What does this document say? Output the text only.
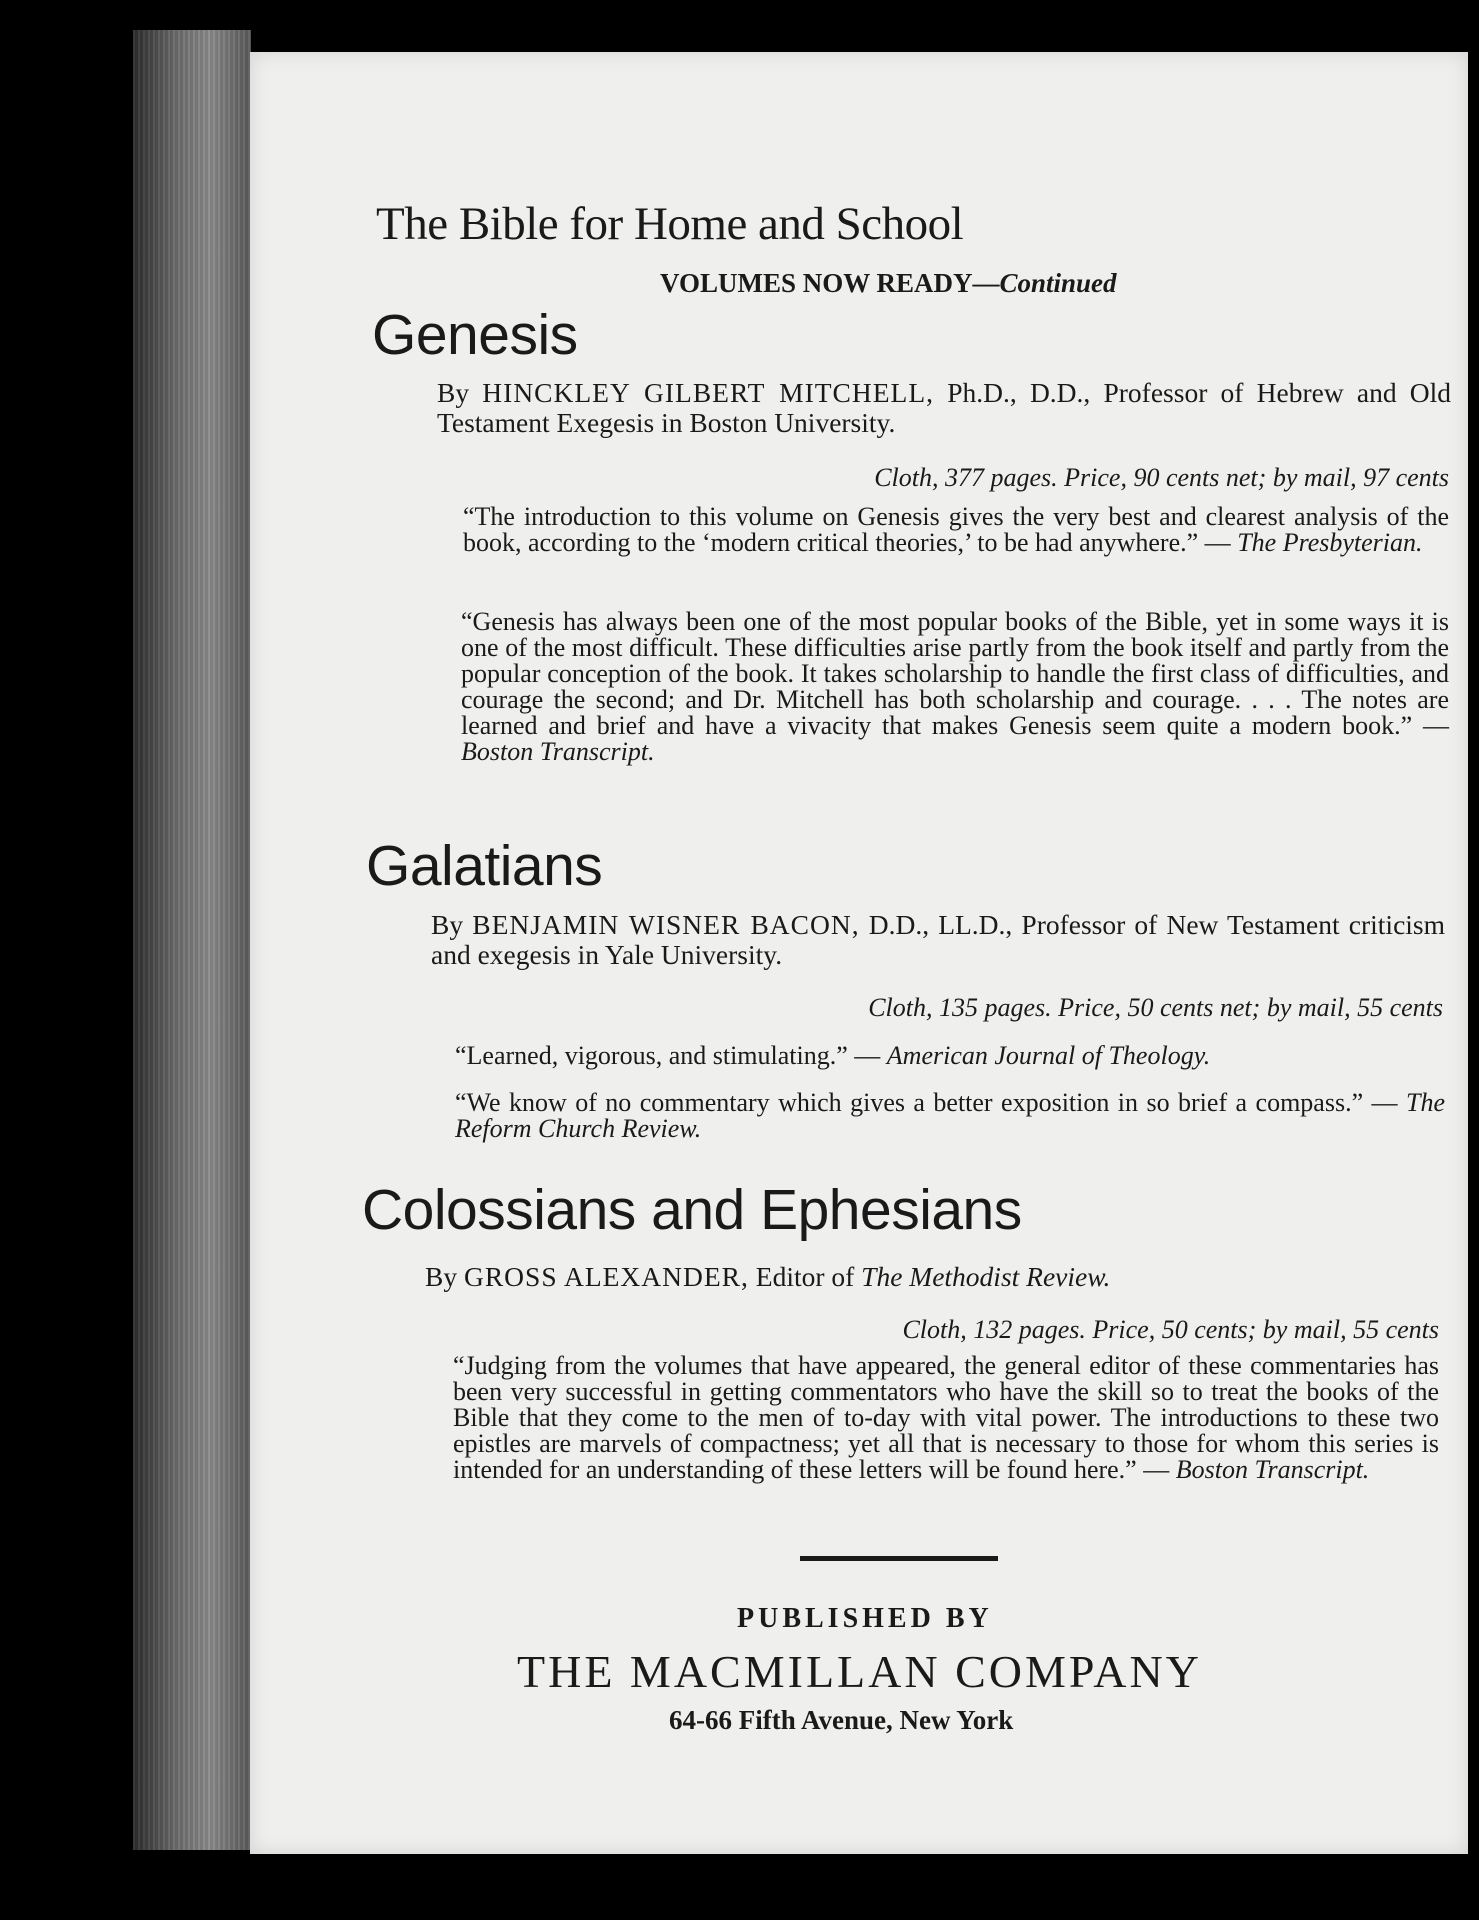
The Bible for Home and School
VOLUMES NOW READY—Continued
Genesis
By HINCKLEY GILBERT MITCHELL, Ph.D., D.D., Professor of Hebrew and Old Testament Exegesis in Boston University.
Cloth, 377 pages. Price, 90 cents net; by mail, 97 cents
“The introduction to this volume on Genesis gives the very best and clearest analysis of the book, according to the ‘modern critical theories,’ to be had anywhere.” — The Presbyterian.
“Genesis has always been one of the most popular books of the Bible, yet in some ways it is one of the most difficult. These difficulties arise partly from the book itself and partly from the popular conception of the book. It takes scholarship to handle the first class of difficulties, and courage the second; and Dr. Mitchell has both scholarship and courage. . . . The notes are learned and brief and have a vivacity that makes Genesis seem quite a modern book.” — Boston Transcript.
Galatians
By BENJAMIN WISNER BACON, D.D., LL.D., Professor of New Testament criticism and exegesis in Yale University.
Cloth, 135 pages. Price, 50 cents net; by mail, 55 cents
“Learned, vigorous, and stimulating.” — American Journal of Theology.
“We know of no commentary which gives a better exposition in so brief a compass.” — The Reform Church Review.
Colossians and Ephesians
By GROSS ALEXANDER, Editor of The Methodist Review.
Cloth, 132 pages. Price, 50 cents; by mail, 55 cents
“Judging from the volumes that have appeared, the general editor of these commentaries has been very successful in getting commentators who have the skill so to treat the books of the Bible that they come to the men of to-day with vital power. The introductions to these two epistles are marvels of compactness; yet all that is necessary to those for whom this series is intended for an understanding of these letters will be found here.” — Boston Transcript.
PUBLISHED BY
THE MACMILLAN COMPANY
64-66 Fifth Avenue, New York
